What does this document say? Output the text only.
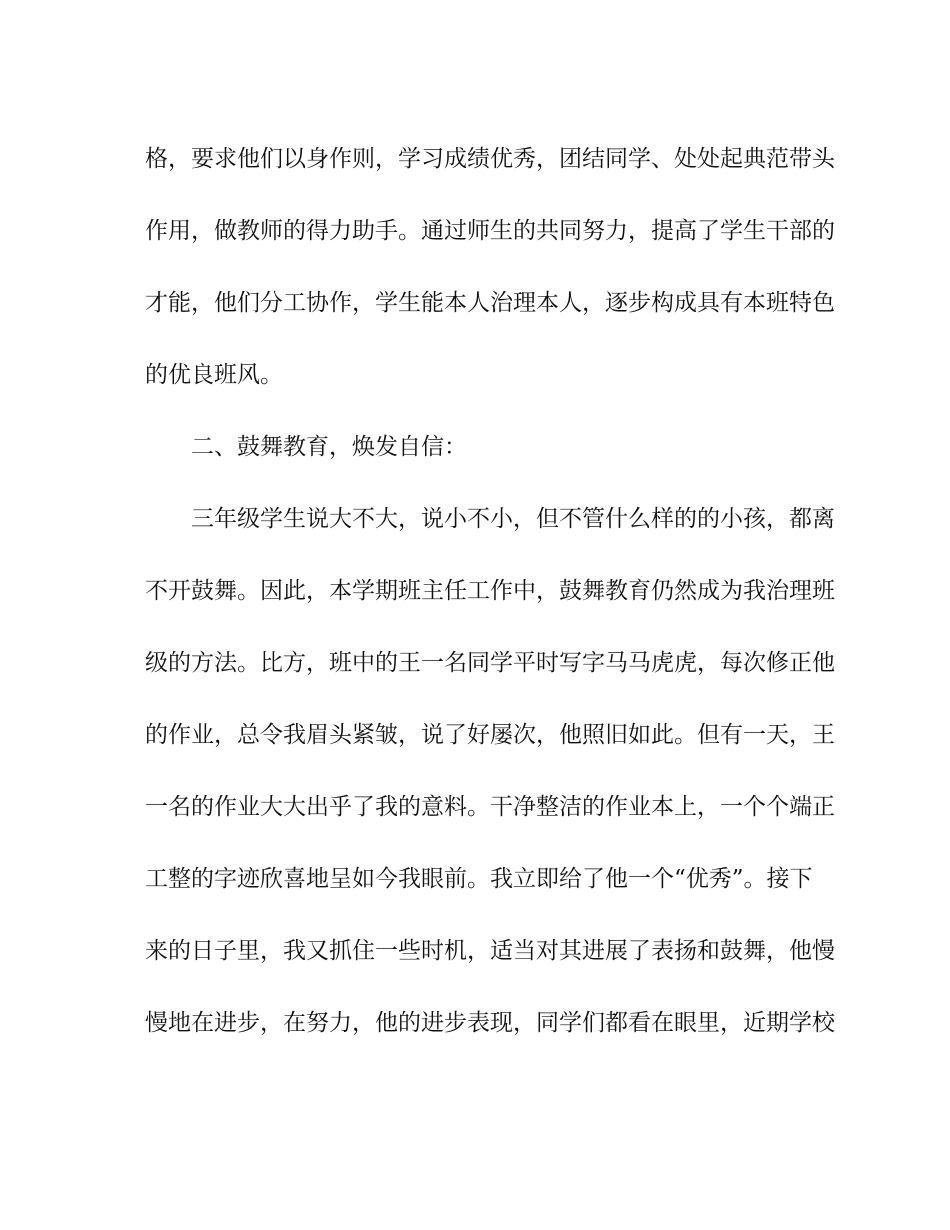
格，要求他们以身作则，学习成绩优秀，团结同学、处处起典范带头
作用，做教师的得力助手。通过师生的共同努力，提高了学生干部的
才能，他们分工协作，学生能本人治理本人，逐步构成具有本班特色
的优良班风。
二、鼓舞教育，焕发自信：
三年级学生说大不大，说小不小，但不管什么样的的小孩，都离
不开鼓舞。因此，本学期班主任工作中，鼓舞教育仍然成为我治理班
级的方法。比方，班中的王一名同学平时写字马马虎虎，每次修正他
的作业，总令我眉头紧皱，说了好屡次，他照旧如此。但有一天，王
一名的作业大大出乎了我的意料。干净整洁的作业本上，一个个端正
工整的字迹欣喜地呈如今我眼前。我立即给了他一个“优秀”。接下
来的日子里，我又抓住一些时机，适当对其进展了表扬和鼓舞，他慢
慢地在进步，在努力，他的进步表现，同学们都看在眼里，近期学校
